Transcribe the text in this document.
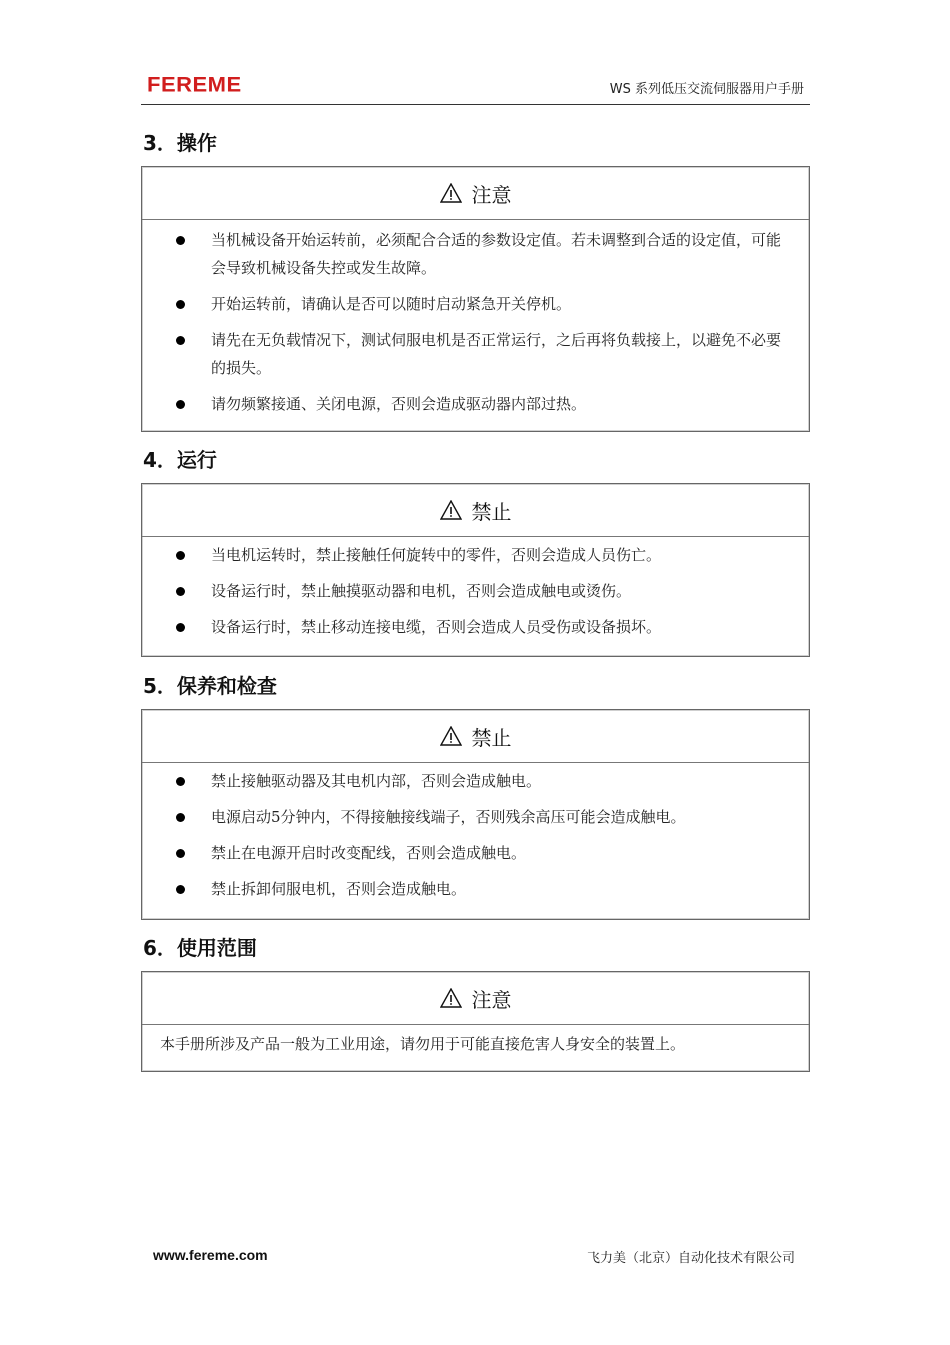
FEREME	WS 系列低压交流伺服器用户手册
3．操作
注意
当机械设备开始运转前，必须配合合适的参数设定值。若未调整到合适的设定值，可能会导致机械设备失控或发生故障。
开始运转前，请确认是否可以随时启动紧急开关停机。
请先在无负载情况下，测试伺服电机是否正常运行，之后再将负载接上，以避免不必要的损失。
请勿频繁接通、关闭电源，否则会造成驱动器内部过热。
4．运行
禁止
当电机运转时，禁止接触任何旋转中的零件，否则会造成人员伤亡。
设备运行时，禁止触摸驱动器和电机，否则会造成触电或烫伤。
设备运行时，禁止移动连接电缆，否则会造成人员受伤或设备损坏。
5．保养和检查
禁止
禁止接触驱动器及其电机内部，否则会造成触电。
电源启动5分钟内，不得接触接线端子，否则残余高压可能会造成触电。
禁止在电源开启时改变配线，否则会造成触电。
禁止拆卸伺服电机，否则会造成触电。
6．使用范围
注意
本手册所涉及产品一般为工业用途，请勿用于可能直接危害人身安全的装置上。
www.fereme.com	飞力美（北京）自动化技术有限公司
